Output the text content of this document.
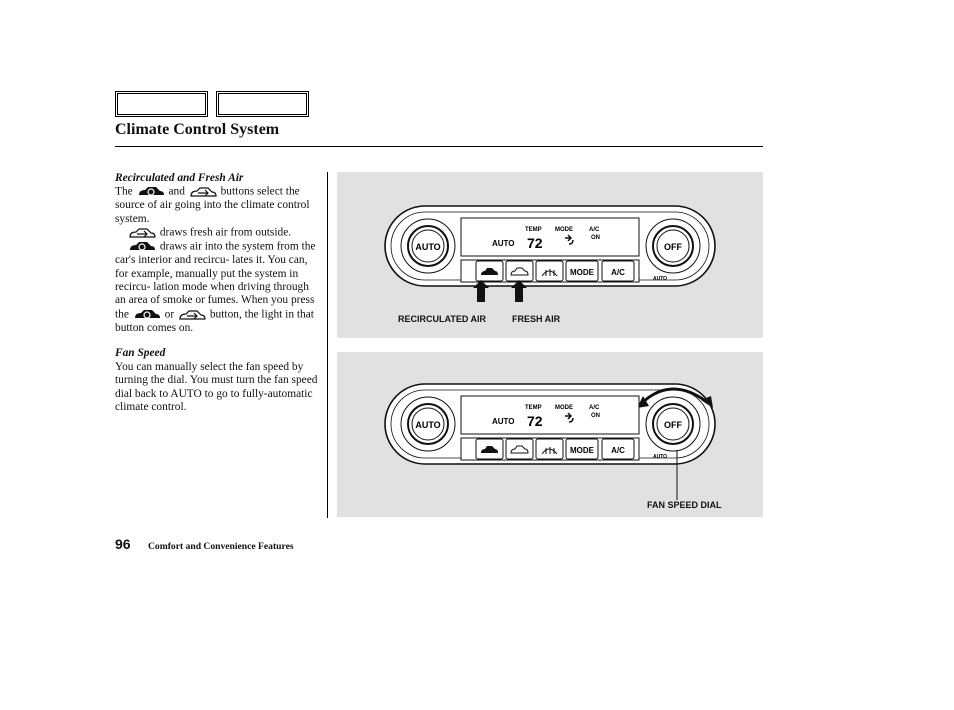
Climate Control System
Recirculated and Fresh Air

The	and	buttons select the source of air going into the climate control system.

draws fresh air from outside.

draws air into the system from the car's interior and recircu- lates it. You can, for example, manually put the system in recircu- lation mode when driving through an area of smoke or fumes. When you press the	or	button, the light in that button comes on.

Fan Speed

You can manually select the fan speed by turning the dial. You must turn the fan speed dial back to AUTO to go to fully-automatic climate control.

AUTO	OFF
AUTO
TEMP
72
MODE	A/C
ON
MODE A/C
AUTO
RECIRCULATED AIR	FRESH AIR
AUTO	OFF
AUTO
TEMP
72
MODE	A/C
ON
MODE A/C
AUTO
FAN SPEED DIAL
96 Comfort and Convenience Features
